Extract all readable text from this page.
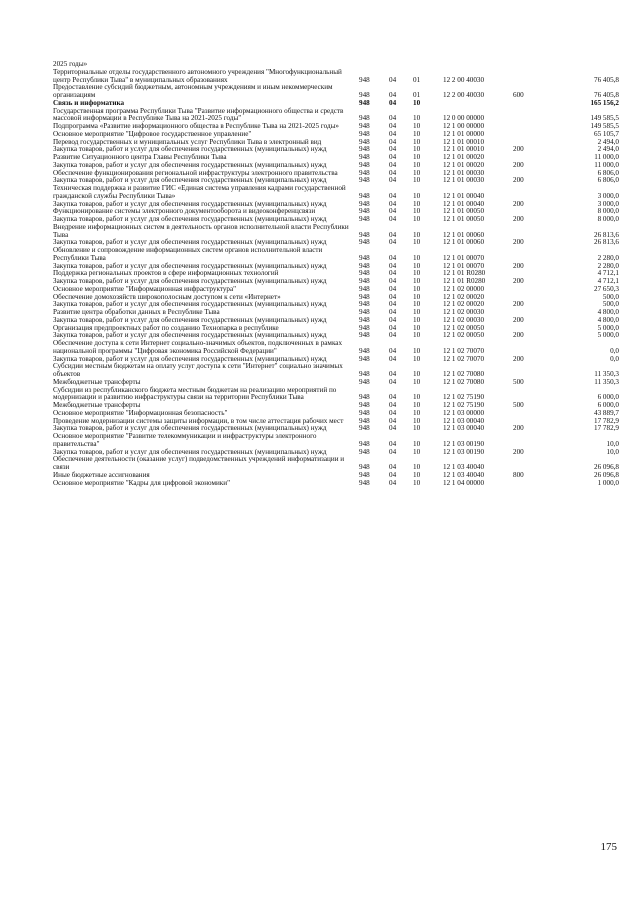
2025 годы»						
Территориальные отделы государственного автономного учреждения "Многофункциональный центр Республики Тыва" в муниципальных образованиях	948	04	01	12 2 00 40030		76 405,8
Предоставление субсидий бюджетным, автономным учреждениям и иным некоммерческим организациям	948	04	01	12 2 00 40030	600	76 405,8
Связь и информатика	948	04	10			165 156,2
Государственная программа Республики Тыва "Развитие информационного общества и средств массовой информации в Республике Тыва на 2021-2025 годы"	948	04	10	12 0 00 00000		149 585,5
Подпрограмма «Развитие информационного общества в Республике Тыва на 2021-2025 годы»	948	04	10	12 1 00 00000		149 585,5
Основное мероприятие "Цифровое государственное управление"	948	04	10	12 1 01 00000		65 105,7
Перевод государственных и муниципальных услуг Республики Тыва в электронный вид	948	04	10	12 1 01 00010		2 494,0
Закупка товаров, работ и услуг для обеспечения государственных (муниципальных) нужд	948	04	10	12 1 01 00010	200	2 494,0
Развитие Ситуационного центра Главы Республики Тыва	948	04	10	12 1 01 00020		11 000,0
Закупка товаров, работ и услуг для обеспечения государственных (муниципальных) нужд	948	04	10	12 1 01 00020	200	11 000,0
Обеспечение функционирования региональной инфраструктуры электронного правительства	948	04	10	12 1 01 00030		6 806,0
Закупка товаров, работ и услуг для обеспечения государственных (муниципальных) нужд	948	04	10	12 1 01 00030	200	6 806,0
Техническая поддержка и развитие ГИС «Единая система управления кадрами государственной гражданской службы Республики Тыва»	948	04	10	12 1 01 00040		3 000,0
Закупка товаров, работ и услуг для обеспечения государственных (муниципальных) нужд	948	04	10	12 1 01 00040	200	3 000,0
Функционирование системы электронного документооборота и видеоконференцсвязи	948	04	10	12 1 01 00050		8 000,0
Закупка товаров, работ и услуг для обеспечения государственных (муниципальных) нужд	948	04	10	12 1 01 00050	200	8 000,0
Внедрение информационных систем в деятельность органов исполнительной власти Республики Тыва	948	04	10	12 1 01 00060		26 813,6
Закупка товаров, работ и услуг для обеспечения государственных (муниципальных) нужд	948	04	10	12 1 01 00060	200	26 813,6
Обновление и сопровождение информационных систем органов исполнительной власти Республики Тыва	948	04	10	12 1 01 00070		2 280,0
Закупка товаров, работ и услуг для обеспечения государственных (муниципальных) нужд	948	04	10	12 1 01 00070	200	2 280,0
Поддержка региональных проектов в сфере информационных технологий	948	04	10	12 1 01 R0280		4 712,1
Закупка товаров, работ и услуг для обеспечения государственных (муниципальных) нужд	948	04	10	12 1 01 R0280	200	4 712,1
Основное мероприятие "Информационная инфраструктура"	948	04	10	12 1 02 00000		27 650,3
Обеспечение домохозяйств широкополосным доступом к сети «Интернет»	948	04	10	12 1 02 00020		500,0
Закупка товаров, работ и услуг для обеспечения государственных (муниципальных) нужд	948	04	10	12 1 02 00020	200	500,0
Развитие центра обработки данных в Республике Тыва	948	04	10	12 1 02 00030		4 800,0
Закупка товаров, работ и услуг для обеспечения государственных (муниципальных) нужд	948	04	10	12 1 02 00030	200	4 800,0
Организация предпроектных работ по созданию Технопарка в республике	948	04	10	12 1 02 00050		5 000,0
Закупка товаров, работ и услуг для обеспечения государственных (муниципальных) нужд	948	04	10	12 1 02 00050	200	5 000,0
Обеспечение доступа к сети Интернет социально-значимых объектов, подключенных в рамках национальной программы "Цифровая экономика Российской Федерации"	948	04	10	12 1 02 70070		0,0
Закупка товаров, работ и услуг для обеспечения государственных (муниципальных) нужд	948	04	10	12 1 02 70070	200	0,0
Субсидии местным бюджетам на оплату услуг доступа к сети "Интернет" социально значимых объектов	948	04	10	12 1 02 70080		11 350,3
Межбюджетные трансферты	948	04	10	12 1 02 70080	500	11 350,3
Субсидии из республиканского бюджета местным бюджетам на реализацию мероприятий по модернизации и развитию инфраструктуры связи на территории Республики Тыва	948	04	10	12 1 02 75190		6 000,0
Межбюджетные трансферты	948	04	10	12 1 02 75190	500	6 000,0
Основное мероприятие "Информационная безопасность"	948	04	10	12 1 03 00000		43 889,7
Проведение модернизации системы защиты информации, в том числе аттестация рабочих мест	948	04	10	12 1 03 00040		17 782,9
Закупка товаров, работ и услуг для обеспечения государственных (муниципальных) нужд	948	04	10	12 1 03 00040	200	17 782,9
Основное мероприятие "Развитие телекоммуникации и инфраструктуры электронного правительства"	948	04	10	12 1 03 00190		10,0
Закупка товаров, работ и услуг для обеспечения государственных (муниципальных) нужд	948	04	10	12 1 03 00190	200	10,0
Обеспечение деятельности (оказание услуг) подведомственных учреждений информатизации и связи	948	04	10	12 1 03 40040		26 096,8
Иные бюджетные ассигнования	948	04	10	12 1 03 40040	800	26 096,8
Основное мероприятие "Кадры для цифровой экономики"	948	04	10	12 1 04 00000		1 000,0
175
